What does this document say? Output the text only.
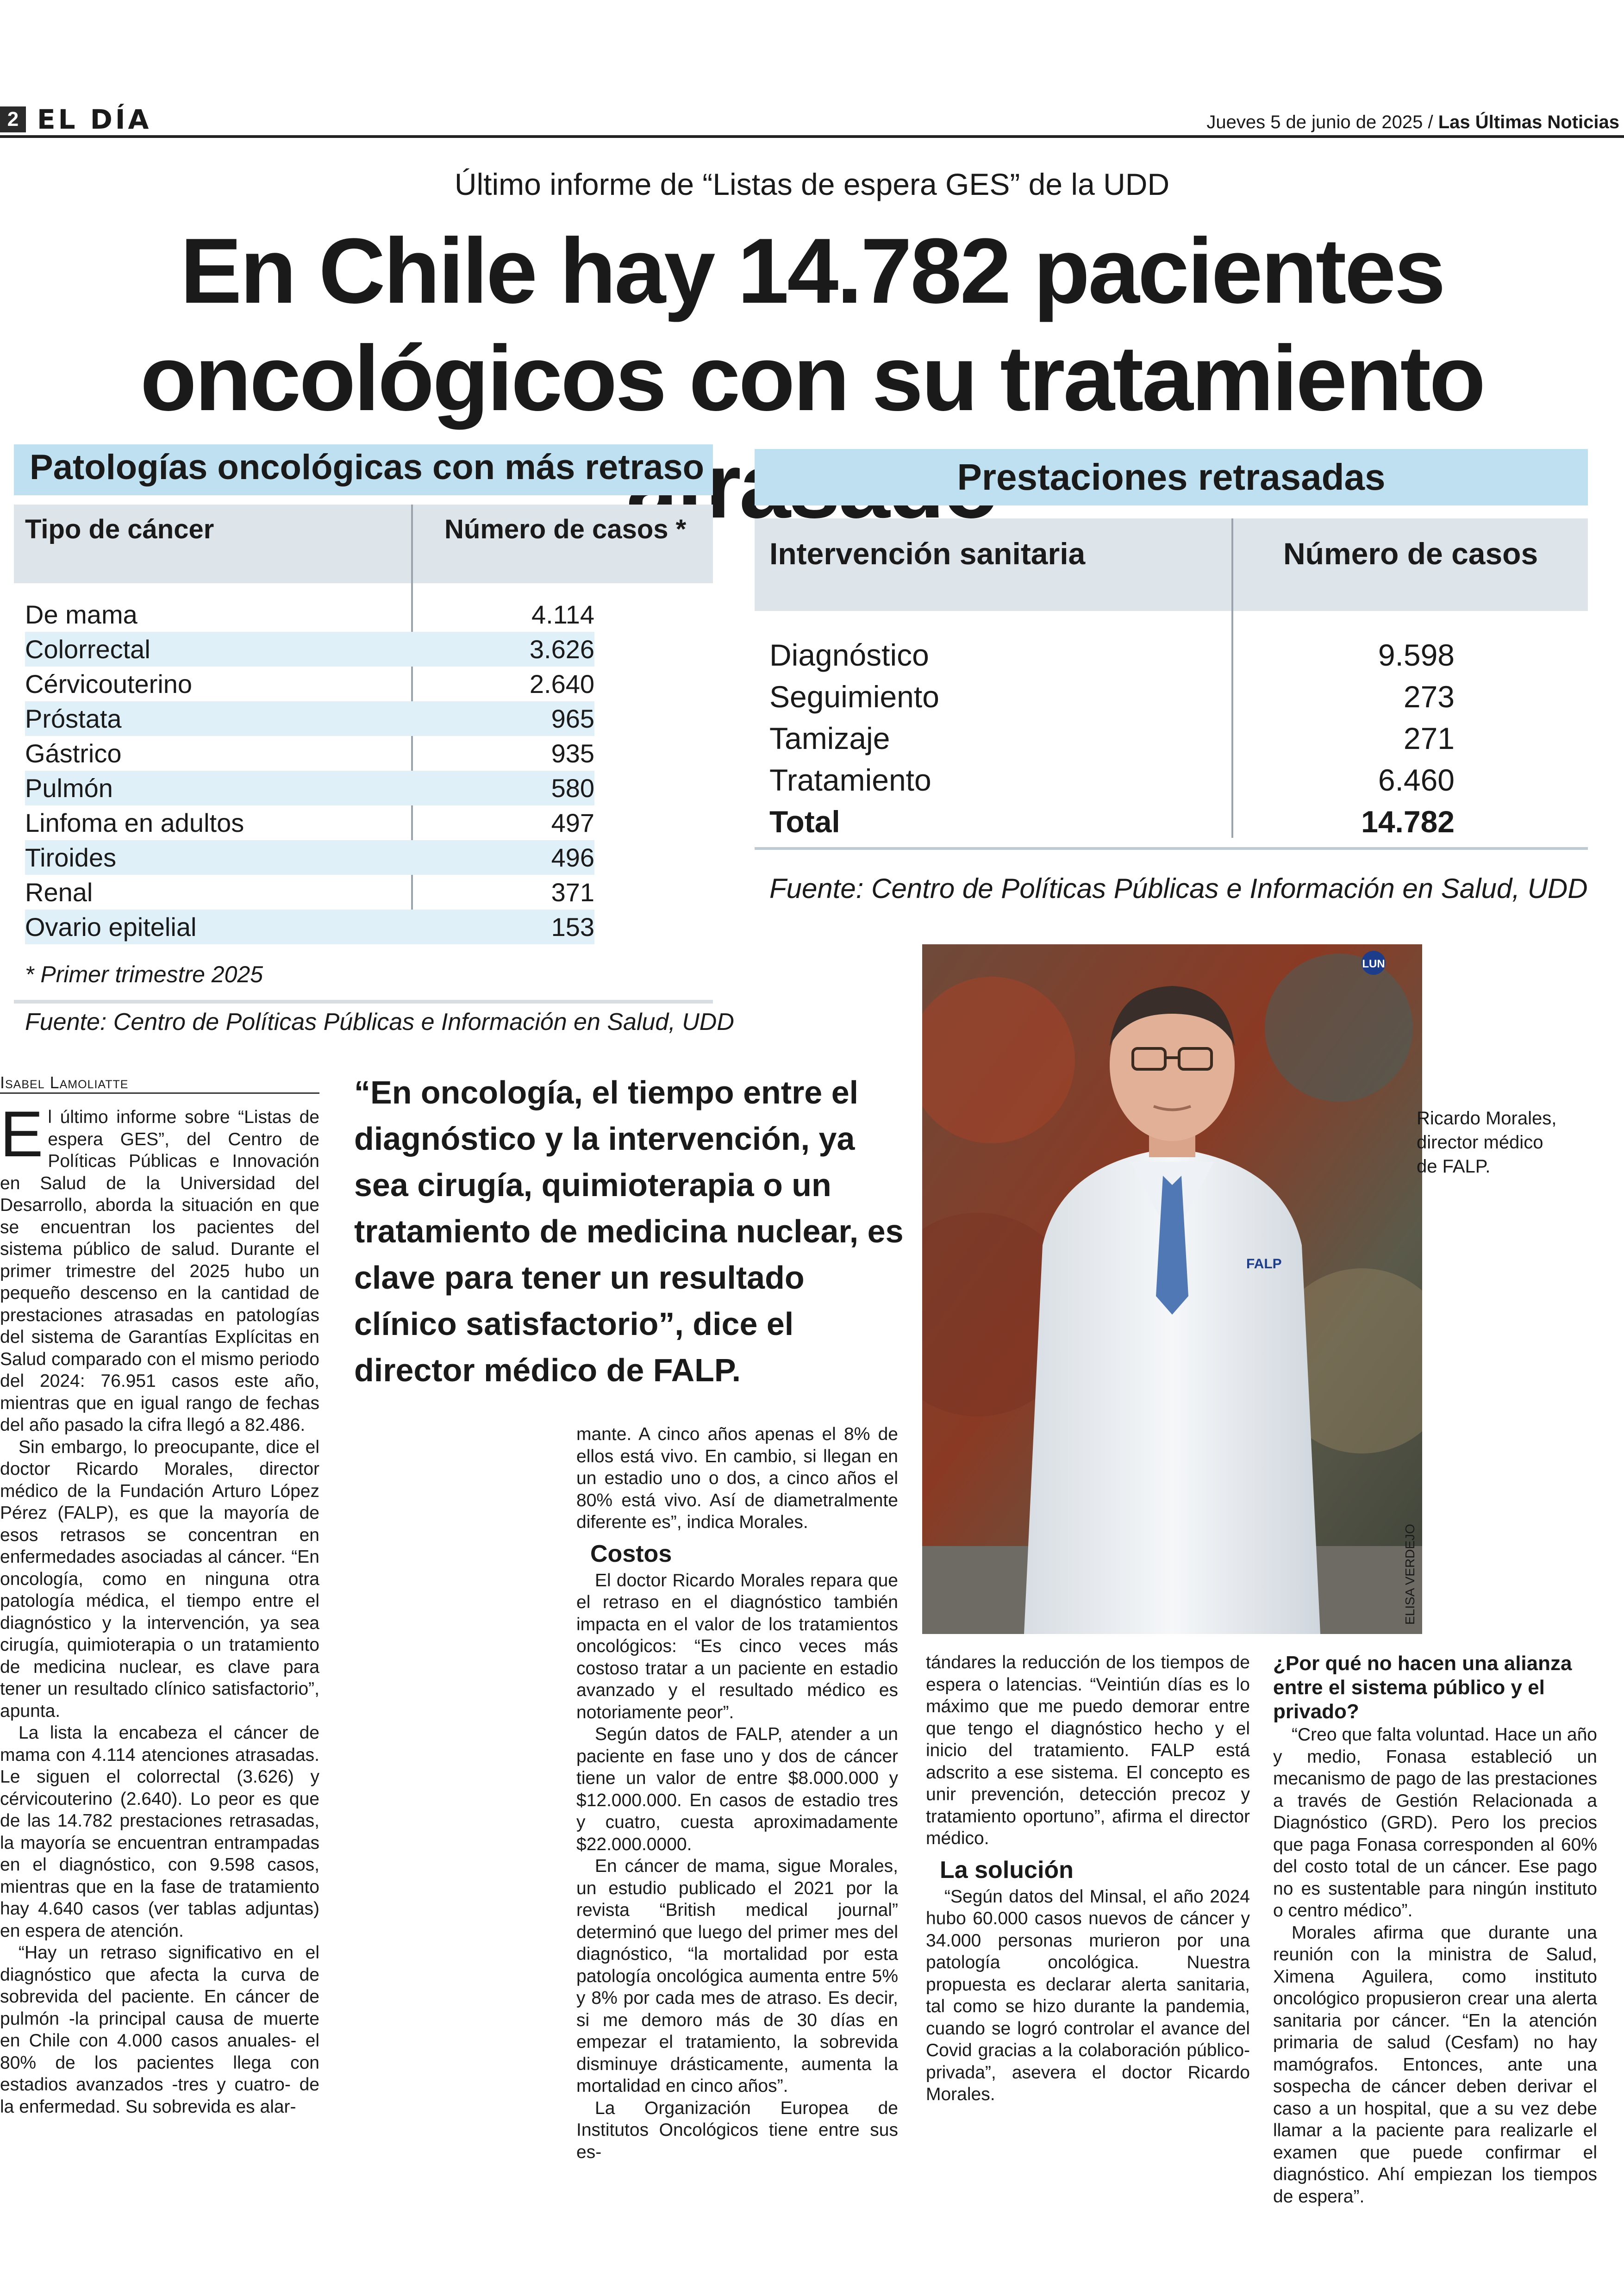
2 EL DÍA	Jueves 5 de junio de 2025 / Las Últimas Noticias
Último informe de “Listas de espera GES” de la UDD
En Chile hay 14.782 pacientes
oncológicos con su tratamiento
Patologías oncológicas con más retraso
Tipo de cáncer	Número de casos *
De mama	4.114
Colorrectal	3.626
Cérvicouterino	2.640
Próstata	965
Gástrico	935
Pulmón	580
Linfoma en adultos	497
Tiroides	496
Renal	371
Ovario epitelial	153
* Primer trimestre 2025
Fuente: Centro de Políticas Públicas e Información en Salud, UDD
Prestaciones retrasadas
Intervención sanitaria	Número de casos
Diagnóstico	9.598
Seguimiento	273
Tamizaje	271
Tratamiento	6.460
Total	14.782
Fuente: Centro de Políticas Públicas e Información en Salud, UDD
LUN
FALP
ELISA VERDEJO
Ricardo Morales, director médico de FALP.
Isabel Lamoliatte

El último informe sobre “Listas de espera GES”, del Centro de Políticas Públicas e Innovación en Salud de la Universidad del Desarrollo, aborda la situación en que se encuentran los pacientes del sistema público de salud. Durante el primer trimestre del 2025 hubo un pequeño descenso en la cantidad de prestaciones atrasadas en patologías del sistema de Garantías Explícitas en Salud comparado con el mismo periodo del 2024: 76.951 casos este año, mientras que en igual rango de fechas del año pasado la cifra llegó a 82.486.

Sin embargo, lo preocupante, dice el doctor Ricardo Morales, director médico de la Fundación Arturo López Pérez (FALP), es que la mayoría de esos retrasos se concentran en enfermedades asociadas al cáncer. “En oncología, como en ninguna otra patología médica, el tiempo entre el diagnóstico y la intervención, ya sea cirugía, quimioterapia o un tratamiento de medicina nuclear, es clave para tener un resultado clínico satisfactorio”, apunta.

La lista la encabeza el cáncer de mama con 4.114 atenciones atrasadas. Le siguen el colorrectal (3.626) y cérvicouterino (2.640). Lo peor es que de las 14.782 prestaciones retrasadas, la mayoría se encuentran entrampadas en el diagnóstico, con 9.598 casos, mientras que en la fase de tratamiento hay 4.640 casos (ver tablas adjuntas) en espera de atención.

“Hay un retraso significativo en el diagnóstico que afecta la curva de sobrevida del paciente. En cáncer de pulmón -la principal causa de muerte en Chile con 4.000 casos anuales- el 80% de los pacientes llega con estadios avanzados -tres y cuatro- de la enfermedad. Su sobrevida es alar-

“En oncología, el tiempo entre el diagnóstico y la intervención, ya sea cirugía, quimioterapia o un tratamiento de medicina nuclear, es clave para tener un resultado clínico satisfactorio”, dice el director médico de FALP.

mante. A cinco años apenas el 8% de ellos está vivo. En cambio, si llegan en un estadio uno o dos, a cinco años el 80% está vivo. Así de diametralmente diferente es”, indica Morales.

Costos

El doctor Ricardo Morales repara que el retraso en el diagnóstico también impacta en el valor de los tratamientos oncológicos: “Es cinco veces más costoso tratar a un paciente en estadio avanzado y el resultado médico es notoriamente peor”.

Según datos de FALP, atender a un paciente en fase uno y dos de cáncer tiene un valor de entre $8.000.000 y $12.000.000. En casos de estadio tres y cuatro, cuesta aproximadamente $22.000.0000.

En cáncer de mama, sigue Morales, un estudio publicado el 2021 por la revista “British medical journal” determinó que luego del primer mes del diagnóstico, “la mortalidad por esta patología oncológica aumenta entre 5% y 8% por cada mes de atraso. Es decir, si me demoro más de 30 días en empezar el tratamiento, la sobrevida disminuye drásticamente, aumenta la mortalidad en cinco años”.

La Organización Europea de Institutos Oncológicos tiene entre sus es-

tándares la reducción de los tiempos de espera o latencias. “Veintiún días es lo máximo que me puedo demorar entre que tengo el diagnóstico hecho y el inicio del tratamiento. FALP está adscrito a ese sistema. El concepto es unir prevención, detección precoz y tratamiento oportuno”, afirma el director médico.

La solución

“Según datos del Minsal, el año 2024 hubo 60.000 casos nuevos de cáncer y 34.000 personas murieron por una patología oncológica. Nuestra propuesta es declarar alerta sanitaria, tal como se hizo durante la pandemia, cuando se logró controlar el avance del Covid gracias a la colaboración público-privada”, asevera el doctor Ricardo Morales.

¿Por qué no hacen una alianza entre el sistema público y el privado?

“Creo que falta voluntad. Hace un año y medio, Fonasa estableció un mecanismo de pago de las prestaciones a través de Gestión Relacionada a Diagnóstico (GRD). Pero los precios que paga Fonasa corresponden al 60% del costo total de un cáncer. Ese pago no es sustentable para ningún instituto o centro médico”.

Morales afirma que durante una reunión con la ministra de Salud, Ximena Aguilera, como instituto oncológico propusieron crear una alerta sanitaria por cáncer. “En la atención primaria de salud (Cesfam) no hay mamógrafos. Entonces, ante una sospecha de cáncer deben derivar el caso a un hospital, que a su vez debe llamar a la paciente para realizarle el examen que puede confirmar el diagnóstico. Ahí empiezan los tiempos de espera”.
